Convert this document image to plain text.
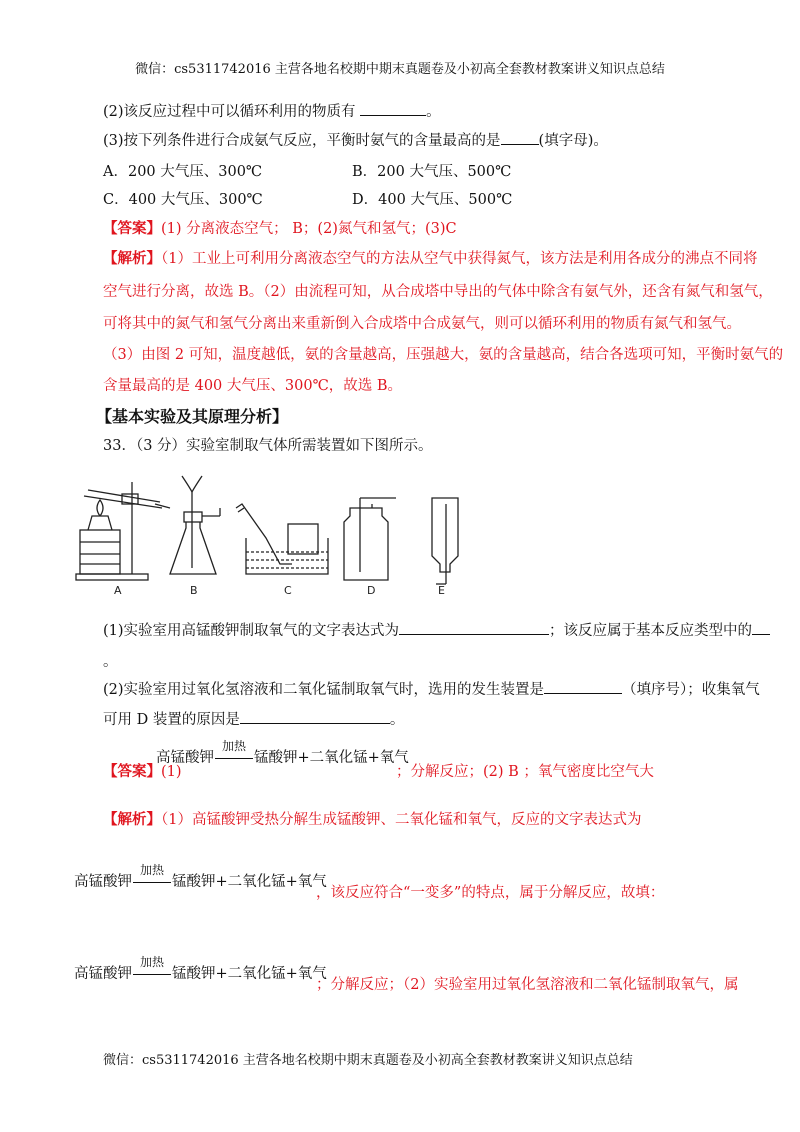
微信：cs5311742016 主营各地名校期中期末真题卷及小初高全套教材教案讲义知识点总结
(2)该反应过程中可以循环利用的物质有	。
(3)按下列条件进行合成氨气反应，平衡时氨气的含量最高的是	(填字母)。
A．200 大气压、300℃	B．200 大气压、500℃
C．400 大气压、300℃	D．400 大气压、500℃
【答案】(1) 分离液态空气； B；(2)氮气和氢气；(3)C
【解析】（1）工业上可利用分离液态空气的方法从空气中获得氮气，该方法是利用各成分的沸点不同将
空气进行分离，故选 B。（2）由流程可知，从合成塔中导出的气体中除含有氨气外，还含有氮气和氢气，
可将其中的氮气和氢气分离出来重新倒入合成塔中合成氨气，则可以循环利用的物质有氮气和氢气。
（3）由图 2 可知，温度越低，氨的含量越高，压强越大，氨的含量越高，结合各选项可知，平衡时氨气的
含量最高的是 400 大气压、300℃，故选 B。
【基本实验及其原理分析】
33．（3 分）实验室制取气体所需装置如下图所示。
A	B	C	D	E
(1)实验室用高锰酸钾制取氧气的文字表达式为	；该反应属于基本反应类型中的
。
(2)实验室用过氧化氢溶液和二氧化锰制取氧气时，选用的发生装置是	（填序号）；收集氧气
可用 D 装置的原因是	。
【答案】(1)
高锰酸钾
加热
锰酸钾+二氧化锰+氧气
；分解反应；(2) B ；氧气密度比空气大
【解析】（1）高锰酸钾受热分解生成锰酸钾、二氧化锰和氧气，反应的文字表达式为
高锰酸钾
加热
锰酸钾+二氧化锰+氧气
，该反应符合“一变多”的特点，属于分解反应，故填：
高锰酸钾
加热
锰酸钾+二氧化锰+氧气
；分解反应；（2）实验室用过氧化氢溶液和二氧化锰制取氧气，属
微信：cs5311742016 主营各地名校期中期末真题卷及小初高全套教材教案讲义知识点总结
